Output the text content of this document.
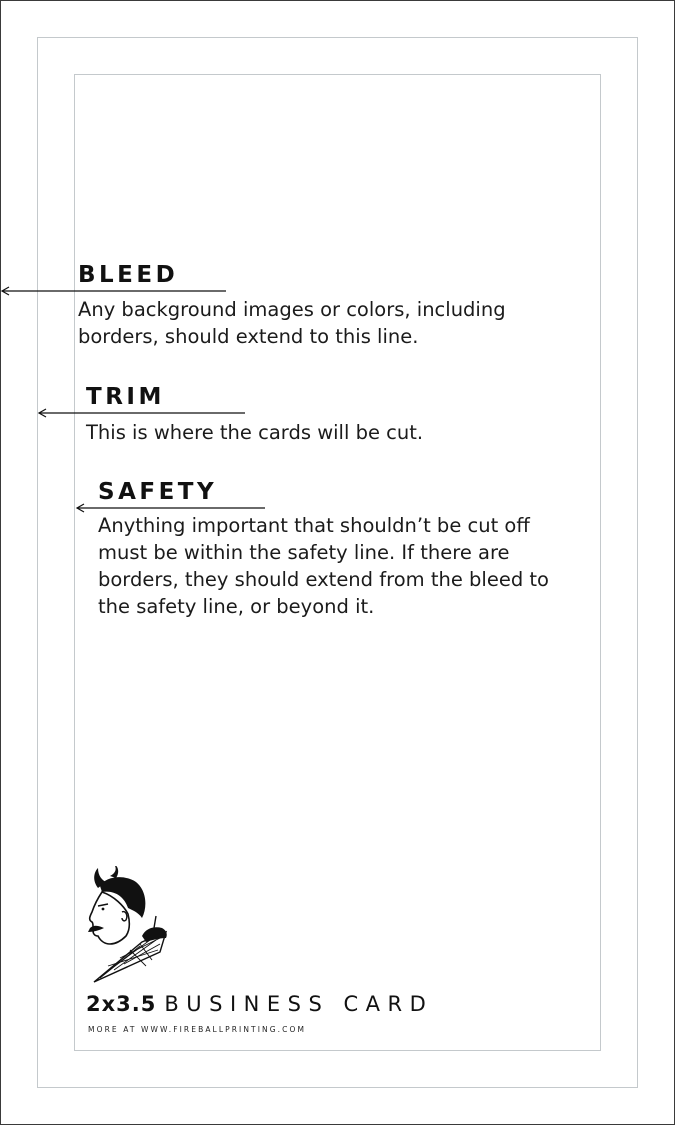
BLEED
Any background images or colors, including
borders, should extend to this line.
TRIM
This is where the cards will be cut.
SAFETY
Anything important that shouldn’t be cut off
must be within the safety line. If there are
borders, they should extend from the bleed to
the safety line, or beyond it.
2x3.5 BUSINESS CARD
MORE AT WWW.FIREBALLPRINTING.COM
